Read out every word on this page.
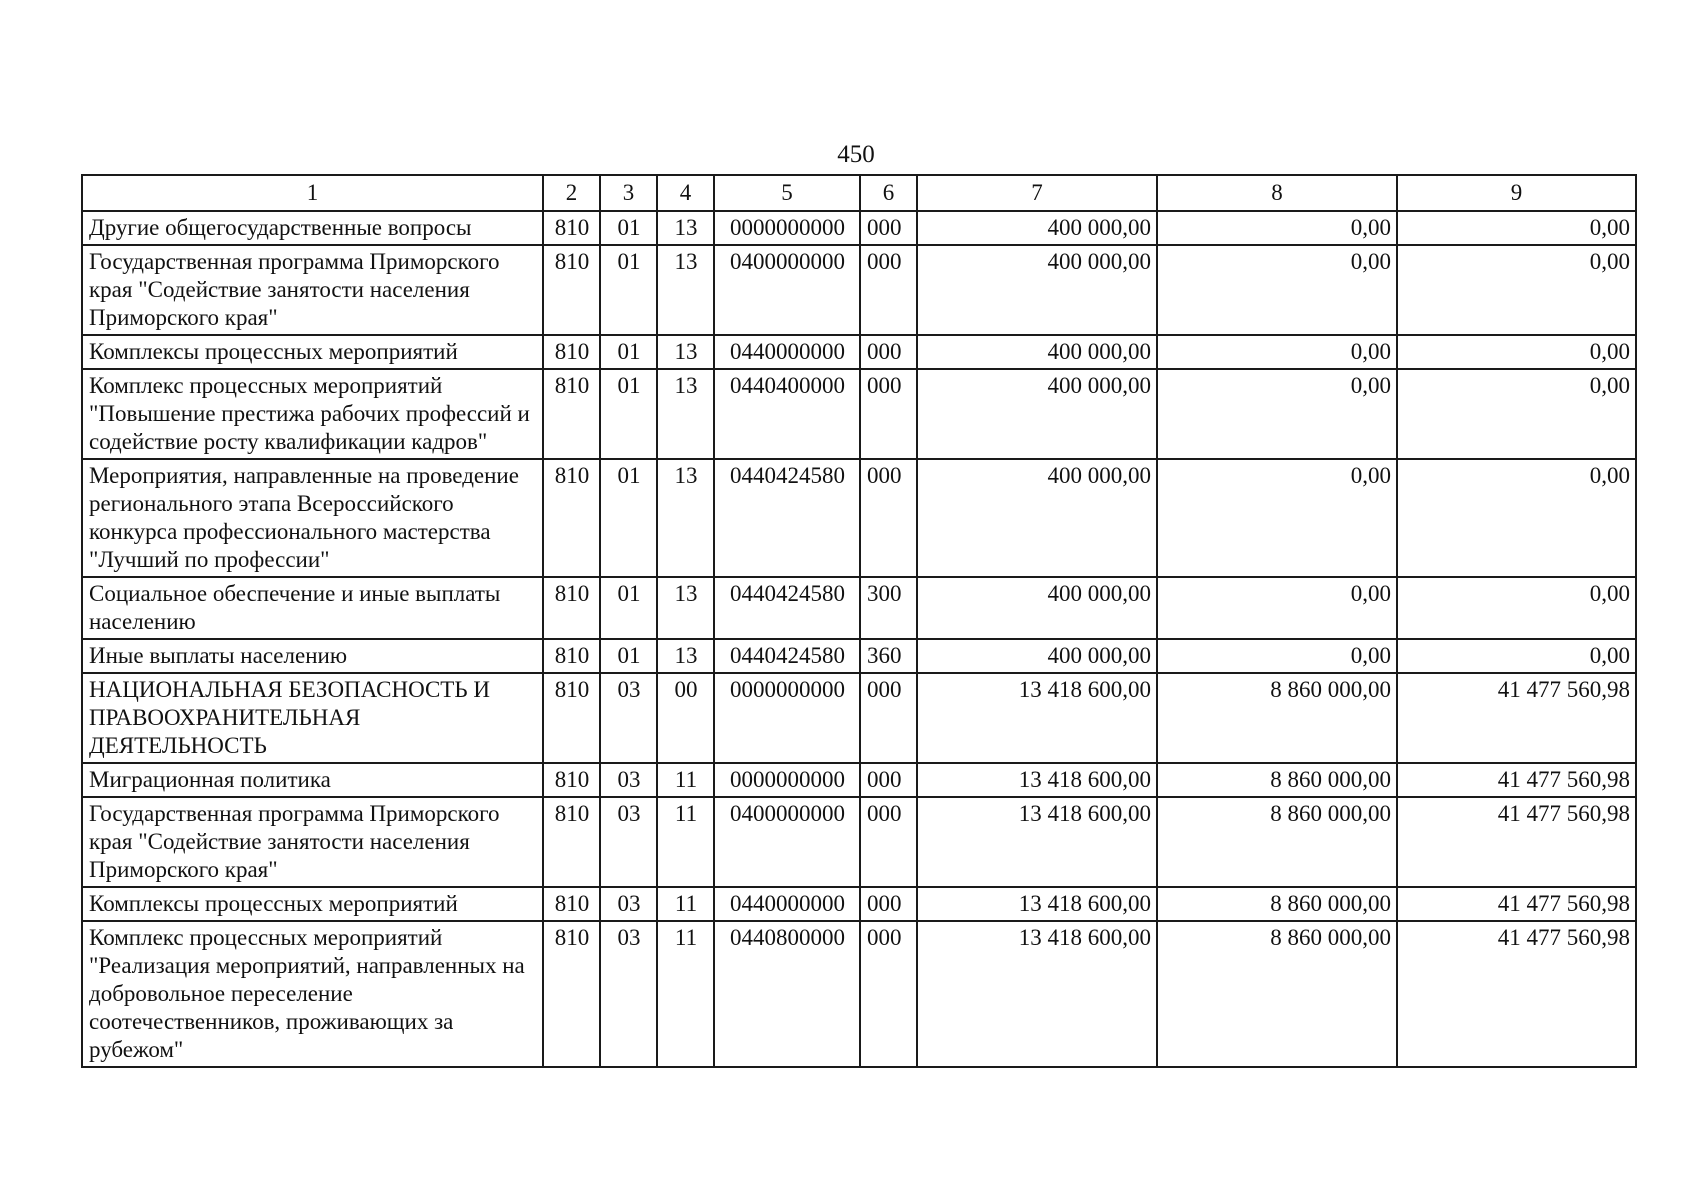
450
1	2	3	4	5	6	7	8	9
Другие общегосударственные вопросы	810	01	13	0000000000	000	400 000,00	0,00	0,00
Государственная программа Приморского края "Содействие занятости населения Приморского края"	810	01	13	0400000000	000	400 000,00	0,00	0,00
Комплексы процессных мероприятий	810	01	13	0440000000	000	400 000,00	0,00	0,00
Комплекс процессных мероприятий "Повышение престижа рабочих профессий и содействие росту квалификации кадров"	810	01	13	0440400000	000	400 000,00	0,00	0,00
Мероприятия, направленные на проведение регионального этапа Всероссийского конкурса профессионального мастерства "Лучший по профессии"	810	01	13	0440424580	000	400 000,00	0,00	0,00
Социальное обеспечение и иные выплаты населению	810	01	13	0440424580	300	400 000,00	0,00	0,00
Иные выплаты населению	810	01	13	0440424580	360	400 000,00	0,00	0,00
НАЦИОНАЛЬНАЯ БЕЗОПАСНОСТЬ И ПРАВООХРАНИТЕЛЬНАЯ ДЕЯТЕЛЬНОСТЬ	810	03	00	0000000000	000	13 418 600,00	8 860 000,00	41 477 560,98
Миграционная политика	810	03	11	0000000000	000	13 418 600,00	8 860 000,00	41 477 560,98
Государственная программа Приморского края "Содействие занятости населения Приморского края"	810	03	11	0400000000	000	13 418 600,00	8 860 000,00	41 477 560,98
Комплексы процессных мероприятий	810	03	11	0440000000	000	13 418 600,00	8 860 000,00	41 477 560,98
Комплекс процессных мероприятий "Реализация мероприятий, направленных на добровольное переселение соотечественников, проживающих за рубежом"	810	03	11	0440800000	000	13 418 600,00	8 860 000,00	41 477 560,98
